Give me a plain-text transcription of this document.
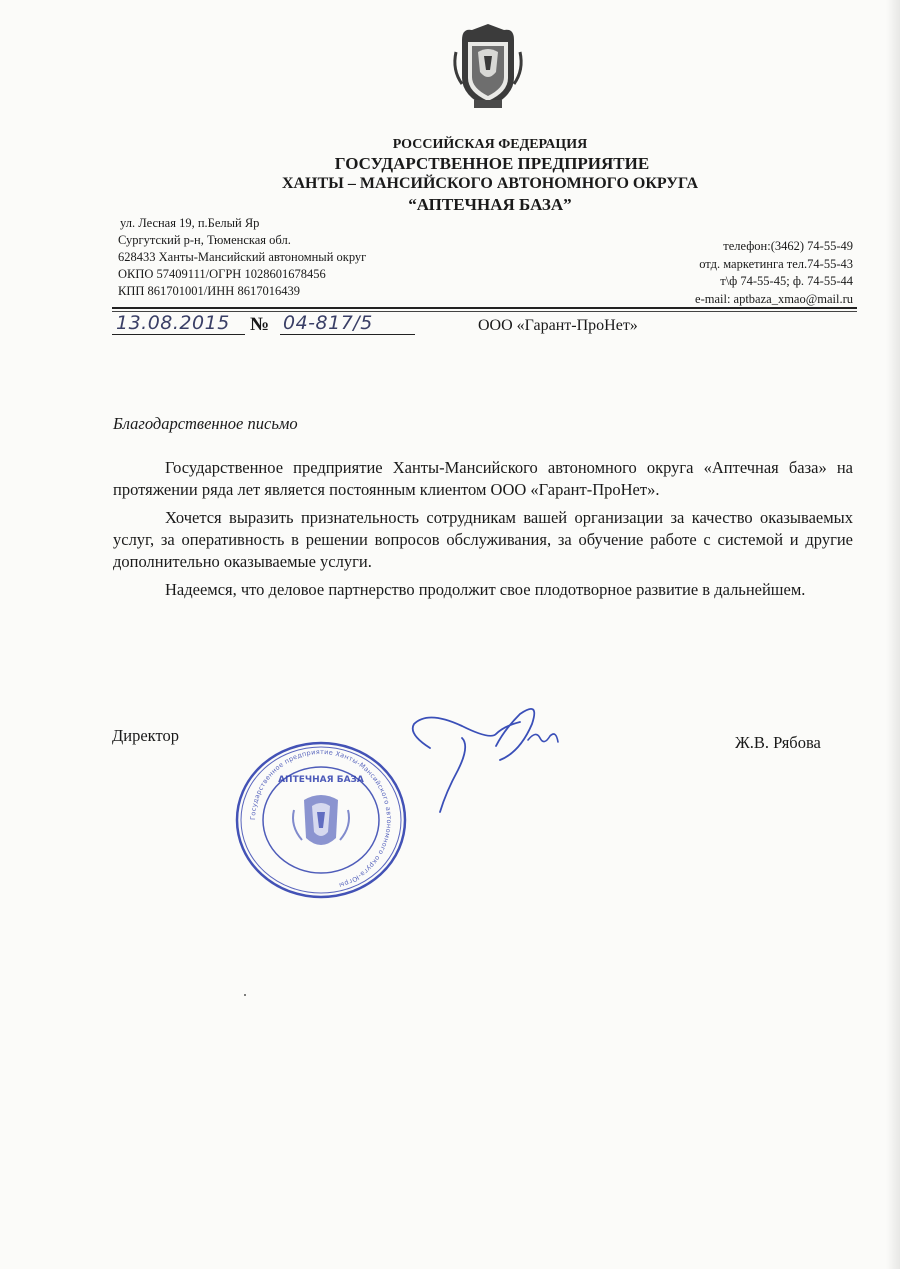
РОССИЙСКАЯ ФЕДЕРАЦИЯ
ГОСУДАРСТВЕННОЕ ПРЕДПРИЯТИЕ
ХАНТЫ – МАНСИЙСКОГО АВТОНОМНОГО ОКРУГА
“АПТЕЧНАЯ БАЗА”
ул. Лесная 19, п.Белый Яр
Сургутский р-н, Тюменская обл.
628433 Ханты-Мансийский автономный округ
ОКПО 57409111/ОГРН 1028601678456
КПП 861701001/ИНН 8617016439
телефон:(3462) 74-55-49
отд. маркетинга тел.74-55-43
т\ф 74-55-45; ф. 74-55-44
e-mail: aptbaza_xmao@mail.ru
13.08.2015 № 04-817/5	ООО «Гарант-ПроНет»
Благодарственное письмо

Государственное предприятие Ханты-Мансийского автономного округа «Аптечная база» на протяжении ряда лет является постоянным клиентом ООО «Гарант-ПроНет».

Хочется выразить признательность сотрудникам вашей организации за качество оказываемых услуг, за оперативность в решении вопросов обслуживания, за обучение работе с системой и другие дополнительно оказываемые услуги.

Надеемся, что деловое партнерство продолжит свое плодотворное развитие в дальнейшем.

Директор	Ж.В. Рябова
Государственное предприятие Ханты-Мансийского автономного округа-Югры
АПТЕЧНАЯ БАЗА
